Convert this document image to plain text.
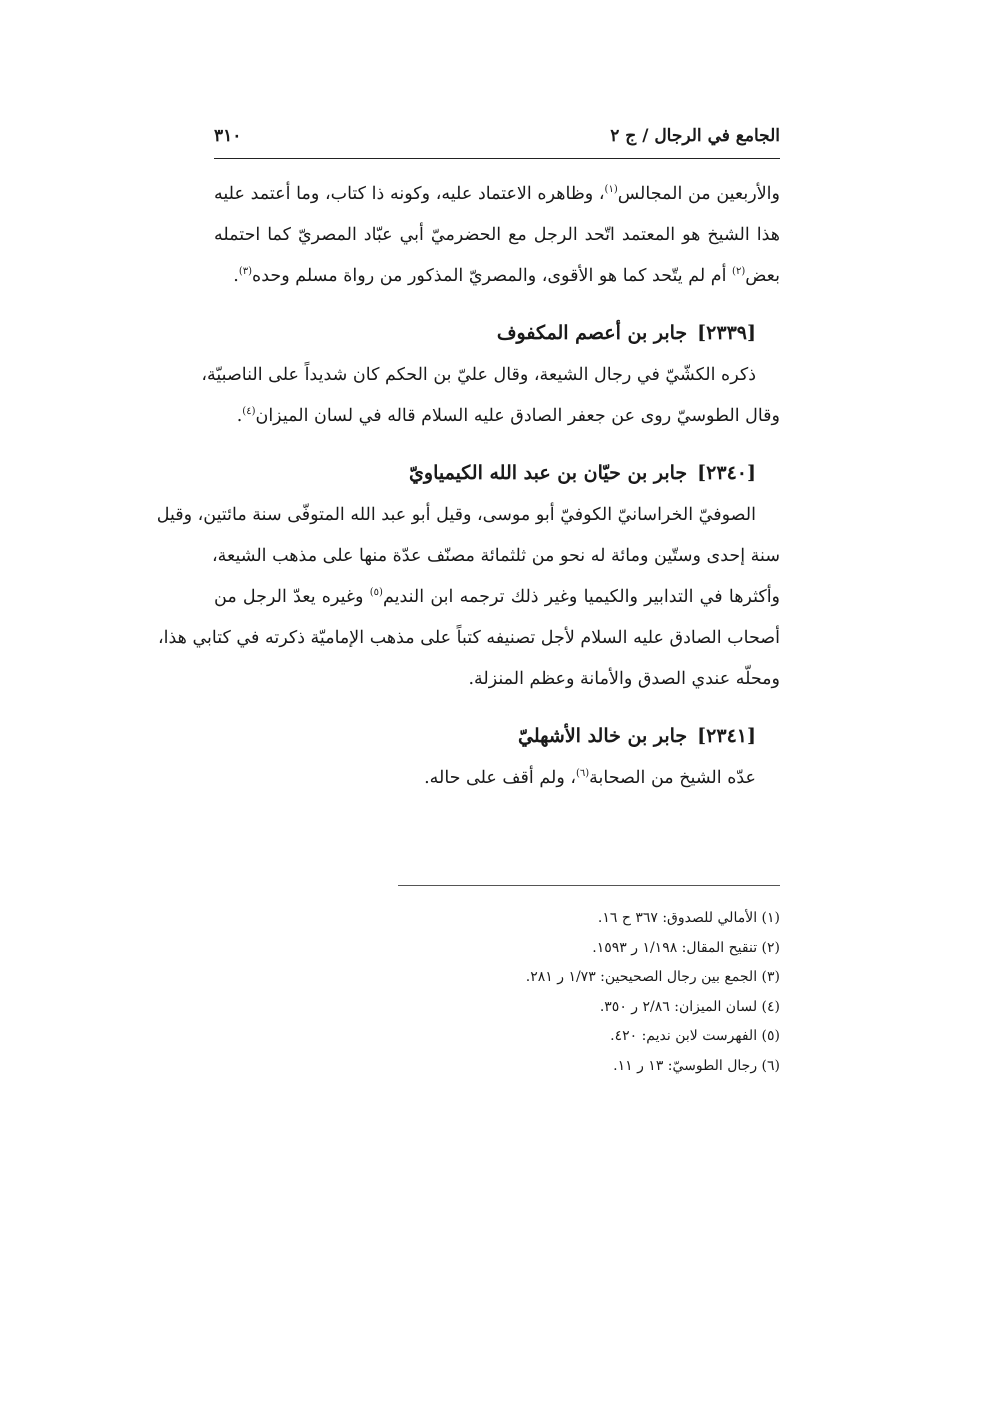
الجامع في الرجال / ج ٢
٣١٠

والأربعين من المجالس$^{(١)}$، وظاهره الاعتماد عليه، وكونه ذا كتاب، وما أعتمد عليه
هذا الشيخ هو المعتمد اتّحد الرجل مع الحضرميّ أبي عبّاد المصريّ كما احتمله
بعض$^{(٢)}$ أم لم يتّحد كما هو الأقوى، والمصريّ المذكور من رواة مسلم وحده$^{(٣)}$.

[٢٣٣٩]جابر بن أعصم المكفوف

ذكره الكشّيّ في رجال الشيعة، وقال عليّ بن الحكم كان شديداً على الناصبيّة،
وقال الطوسيّ روى عن جعفر الصادق عليه السلام قاله في لسان الميزان$^{(٤)}$.

[٢٣٤٠]جابر بن حيّان بن عبد الله الكيمياويّ

الصوفيّ الخراسانيّ الكوفيّ أبو موسى، وقيل أبو عبد الله المتوفّى سنة مائتين، وقيل
سنة إحدى وستّين ومائة له نحو من ثلثمائة مصنّف عدّة منها على مذهب الشيعة،
وأكثرها في التدابير والكيميا وغير ذلك ترجمه ابن النديم$^{(٥)}$ وغيره يعدّ الرجل من
أصحاب الصادق عليه السلام لأجل تصنيفه كتباً على مذهب الإماميّة ذكرته في كتابي هذا،
ومحلّه عندي الصدق والأمانة وعظم المنزلة.

[٢٣٤١]جابر بن خالد الأشهليّ

عدّه الشيخ من الصحابة$^{(٦)}$، ولم أقف على حاله.

(١) الأمالي للصدوق: ٣٦٧ ح ١٦.
(٢) تنقيح المقال: ١/١٩٨ ر ١٥٩٣.
(٣) الجمع بين رجال الصحيحين: ١/٧٣ ر ٢٨١.
(٤) لسان الميزان: ٢/٨٦ ر ٣٥٠.
(٥) الفهرست لابن نديم: ٤٢٠.
(٦) رجال الطوسيّ: ١٣ ر ١١.
